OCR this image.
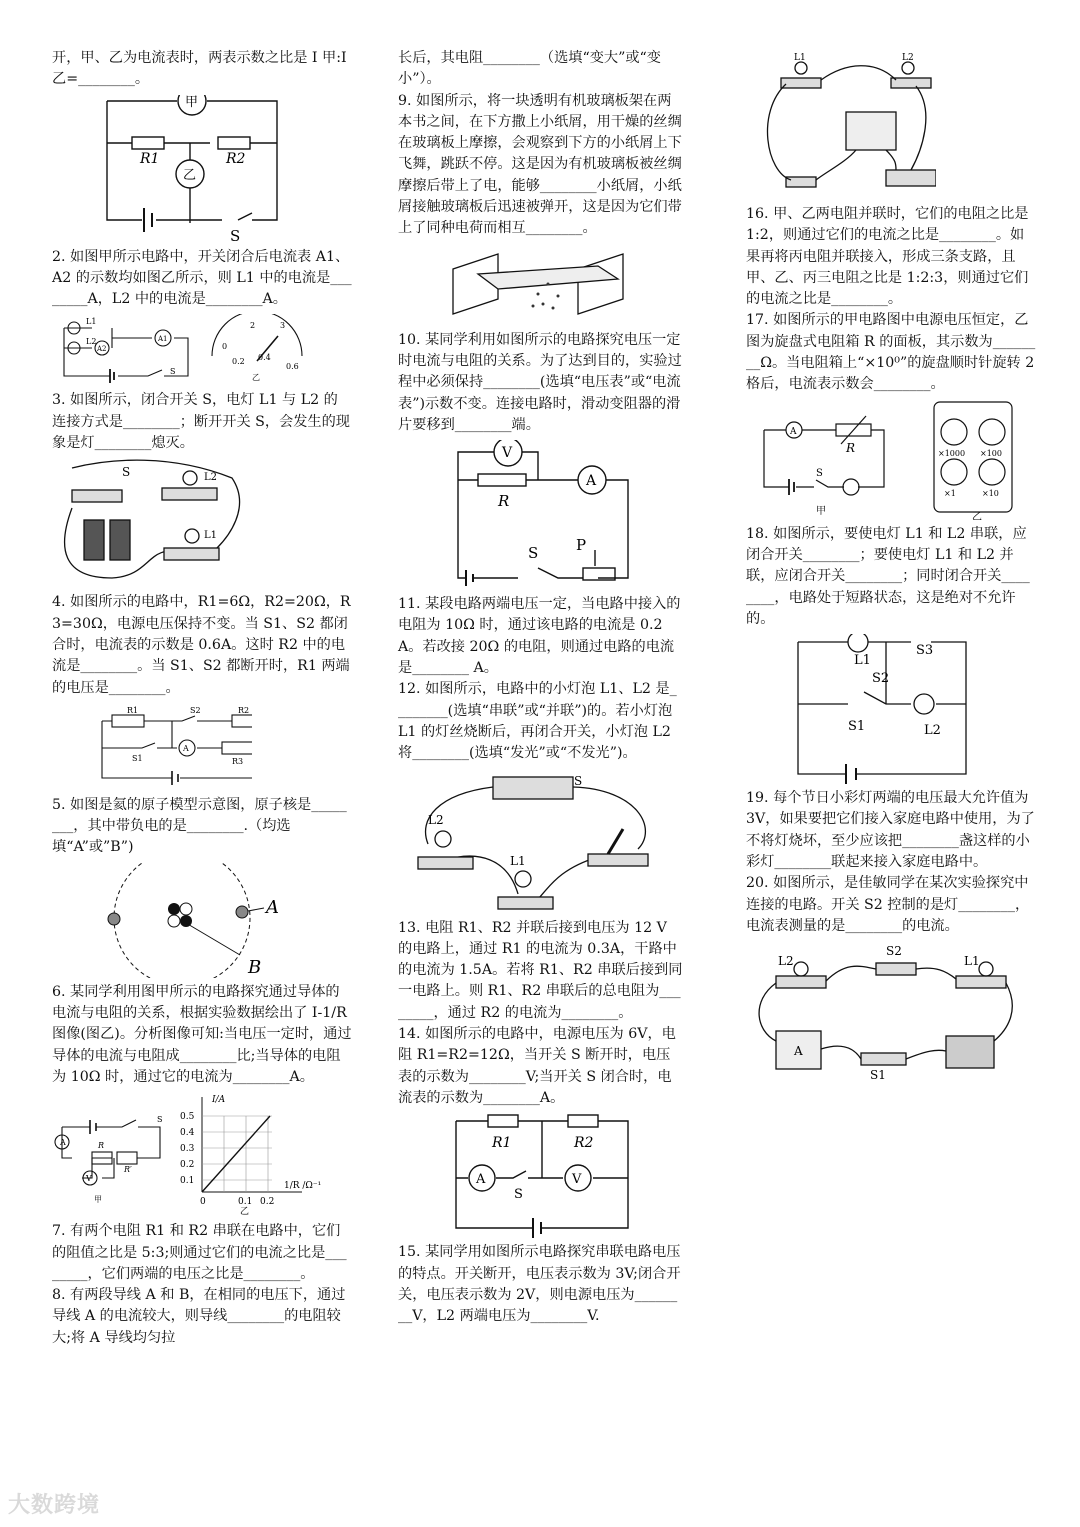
开，甲、乙为电流表时，两表示数之比是 I 甲:I 乙=________。

甲
R1	R2
乙
S

2. 如图甲所示电路中，开关闭合后电流表 A1、A2 的示数均如图乙所示，则 L1 中的电流是________A，L2 中的电流是________A。

L1
L2
A2
A1
S
0
2	3
0.2 0.4
0.6
乙

3. 如图所示，闭合开关 S，电灯 L1 与 L2 的连接方式是________；断开开关 S，会发生的现象是灯________熄灭。

S	L2
L1

4. 如图所示的电路中，R1=6Ω，R2=20Ω，R3=30Ω，电源电压保持不变。当 S1、S2 都闭合时，电流表的示数是 0.6A。这时 R2 中的电流是________。当 S1、S2 都断开时，R1 两端的电压是________。

R1	S2	R2
A
S1	R3

5. 如图是氦的原子模型示意图，原子核是________，其中带负电的是________.（均选填“A”或”B”)

A
B

6. 某同学利用图甲所示的电路探究通过导体的电流与电阻的关系，根据实验数据绘出了 I-1/R 图像(图乙)。分析图像可知:当电压一定时，通过导体的电流与电阻成________比;当导体的电阻为 10Ω 时，通过它的电流为________A。

S
A	R
R′
V
甲
I/A
0.5
0.4
0.3
0.2
0.1
0	0.1 0.2
1/R /Ω⁻¹
乙

7. 有两个电阻 R1 和 R2 串联在电路中，它们的阻值之比是 5:3;则通过它们的电流之比是________，它们两端的电压之比是________。

8. 有两段导线 A 和 B，在相同的电压下，通过导线 A 的电流较大，则导线________的电阻较大;将 A 导线均匀拉

长后，其电阻________（选填“变大”或“变小”）。

9. 如图所示，将一块透明有机玻璃板架在两本书之间，在下方撒上小纸屑，用干燥的丝绸在玻璃板上摩擦，会观察到下方的小纸屑上下飞舞，跳跃不停。这是因为有机玻璃板被丝绸摩擦后带上了电，能够________小纸屑，小纸屑接触玻璃板后迅速被弹开，这是因为它们带上了同种电荷而相互________。

10. 某同学利用如图所示的电路探究电压一定时电流与电阻的关系。为了达到目的，实验过程中必须保持________(选填“电压表”或“电流表”)示数不变。连接电路时，滑动变阻器的滑片要移到________端。

V
A
R
S	P

11. 某段电路两端电压一定，当电路中接入的电阻为 10Ω 时，通过该电路的电流是 0.2A。若改接 20Ω 的电阻，则通过电路的电流是________ A。

12. 如图所示，电路中的小灯泡 L1、L2 是________(选填“串联”或“并联”)的。若小灯泡 L1 的灯丝烧断后，再闭合开关，小灯泡 L2 将________(选填“发光”或“不发光”)。

S
L2
L1

13. 电阻 R1、R2 并联后接到电压为 12 V 的电路上，通过 R1 的电流为 0.3A，干路中的电流为 1.5A。若将 R1、R2 串联后接到同一电路上。则 R1、R2 串联后的总电阻为________，通过 R2 的电流为________。

14. 如图所示的电路中，电源电压为 6V，电阻 R1=R2=12Ω，当开关 S 断开时，电压表的示数为________V;当开关 S 闭合时，电流表的示数为________A。

R1	R2
A	V
S

15. 某同学用如图所示电路探究串联电路电压的特点。开关断开，电压表示数为 3V;闭合开关，电压表示数为 2V，则电源电压为________V，L2 两端电压为________V.

L1	L2

16. 甲、乙两电阻并联时，它们的电阻之比是 1:2，则通过它们的电流之比是________。如果再将丙电阻并联接入，形成三条支路，且甲、乙、丙三电阻之比是 1:2:3，则通过它们的电流之比是________。

17. 如图所示的甲电路图中电源电压恒定，乙图为旋盘式电阻箱 R 的面板，其示数为________Ω。当电阻箱上“×10⁰”的旋盘顺时针旋转 2 格后，电流表示数会________。

A
R
S
甲
×1000 ×100
×1	×10
乙

18. 如图所示，要使电灯 L1 和 L2 串联，应闭合开关________；要使电灯 L1 和 L2 并联，应闭合开关________；同时闭合开关________，电路处于短路状态，这是绝对不允许的。

L1
S3
S2
S1	L2

19. 每个节日小彩灯两端的电压最大允许值为 3V，如果要把它们接入家庭电路中使用，为了不将灯烧坏，至少应该把________盏这样的小彩灯________联起来接入家庭电路中。

20. 如图所示，是佳敏同学在某次实验探究中连接的电路。开关 S2 控制的是灯________，电流表测量的是________的电流。

L2
S2
L1
A
S1
大数跨境
